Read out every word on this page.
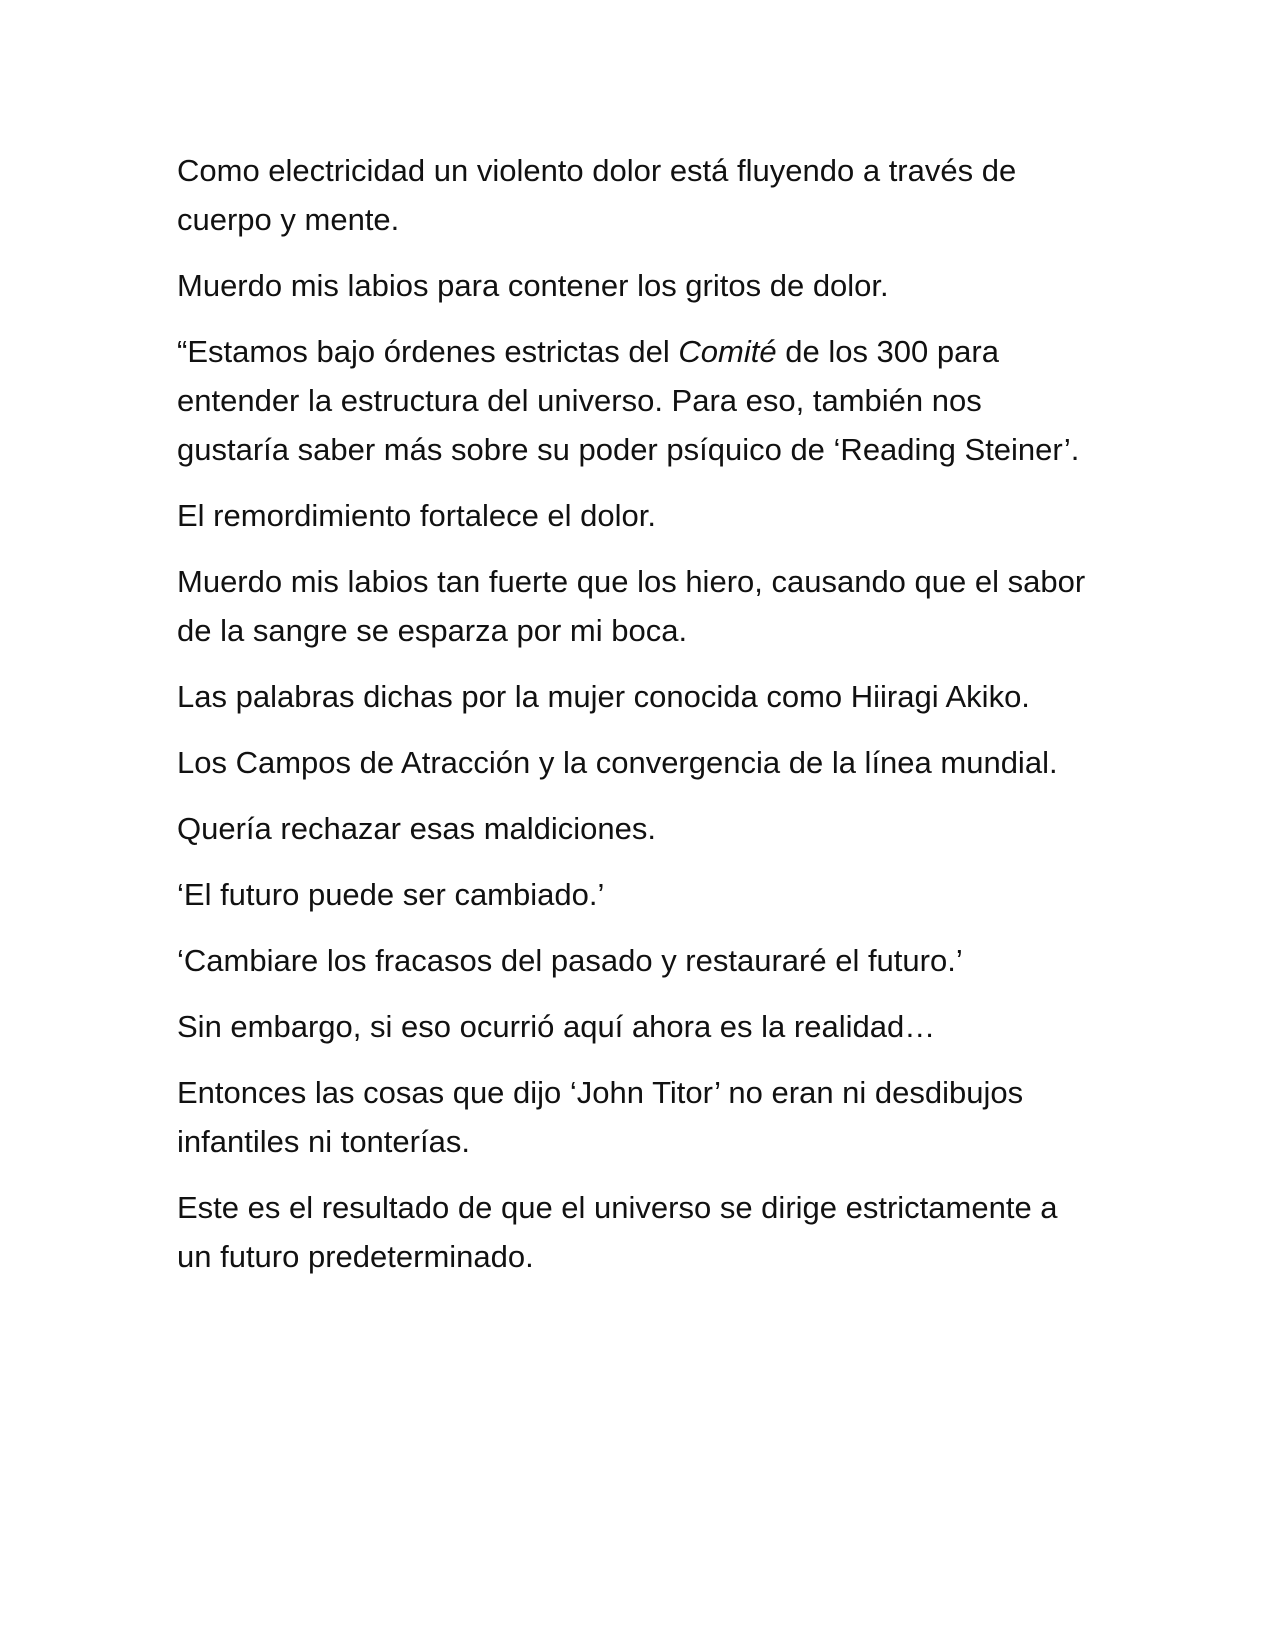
Como electricidad un violento dolor está fluyendo a través de cuerpo y mente.

Muerdo mis labios para contener los gritos de dolor.

“Estamos bajo órdenes estrictas del Comité de los 300 para entender la estructura del universo. Para eso, también nos gustaría saber más sobre su poder psíquico de ‘Reading Steiner’.

El remordimiento fortalece el dolor.

Muerdo mis labios tan fuerte que los hiero, causando que el sabor de la sangre se esparza por mi boca.

Las palabras dichas por la mujer conocida como Hiiragi Akiko.

Los Campos de Atracción y la convergencia de la línea mundial.

Quería rechazar esas maldiciones.

‘El futuro puede ser cambiado.’

‘Cambiare los fracasos del pasado y restauraré el futuro.’

Sin embargo, si eso ocurrió aquí ahora es la realidad…

Entonces las cosas que dijo ‘John Titor’ no eran ni desdibujos infantiles ni tonterías.

Este es el resultado de que el universo se dirige estrictamente a un futuro predeterminado.
